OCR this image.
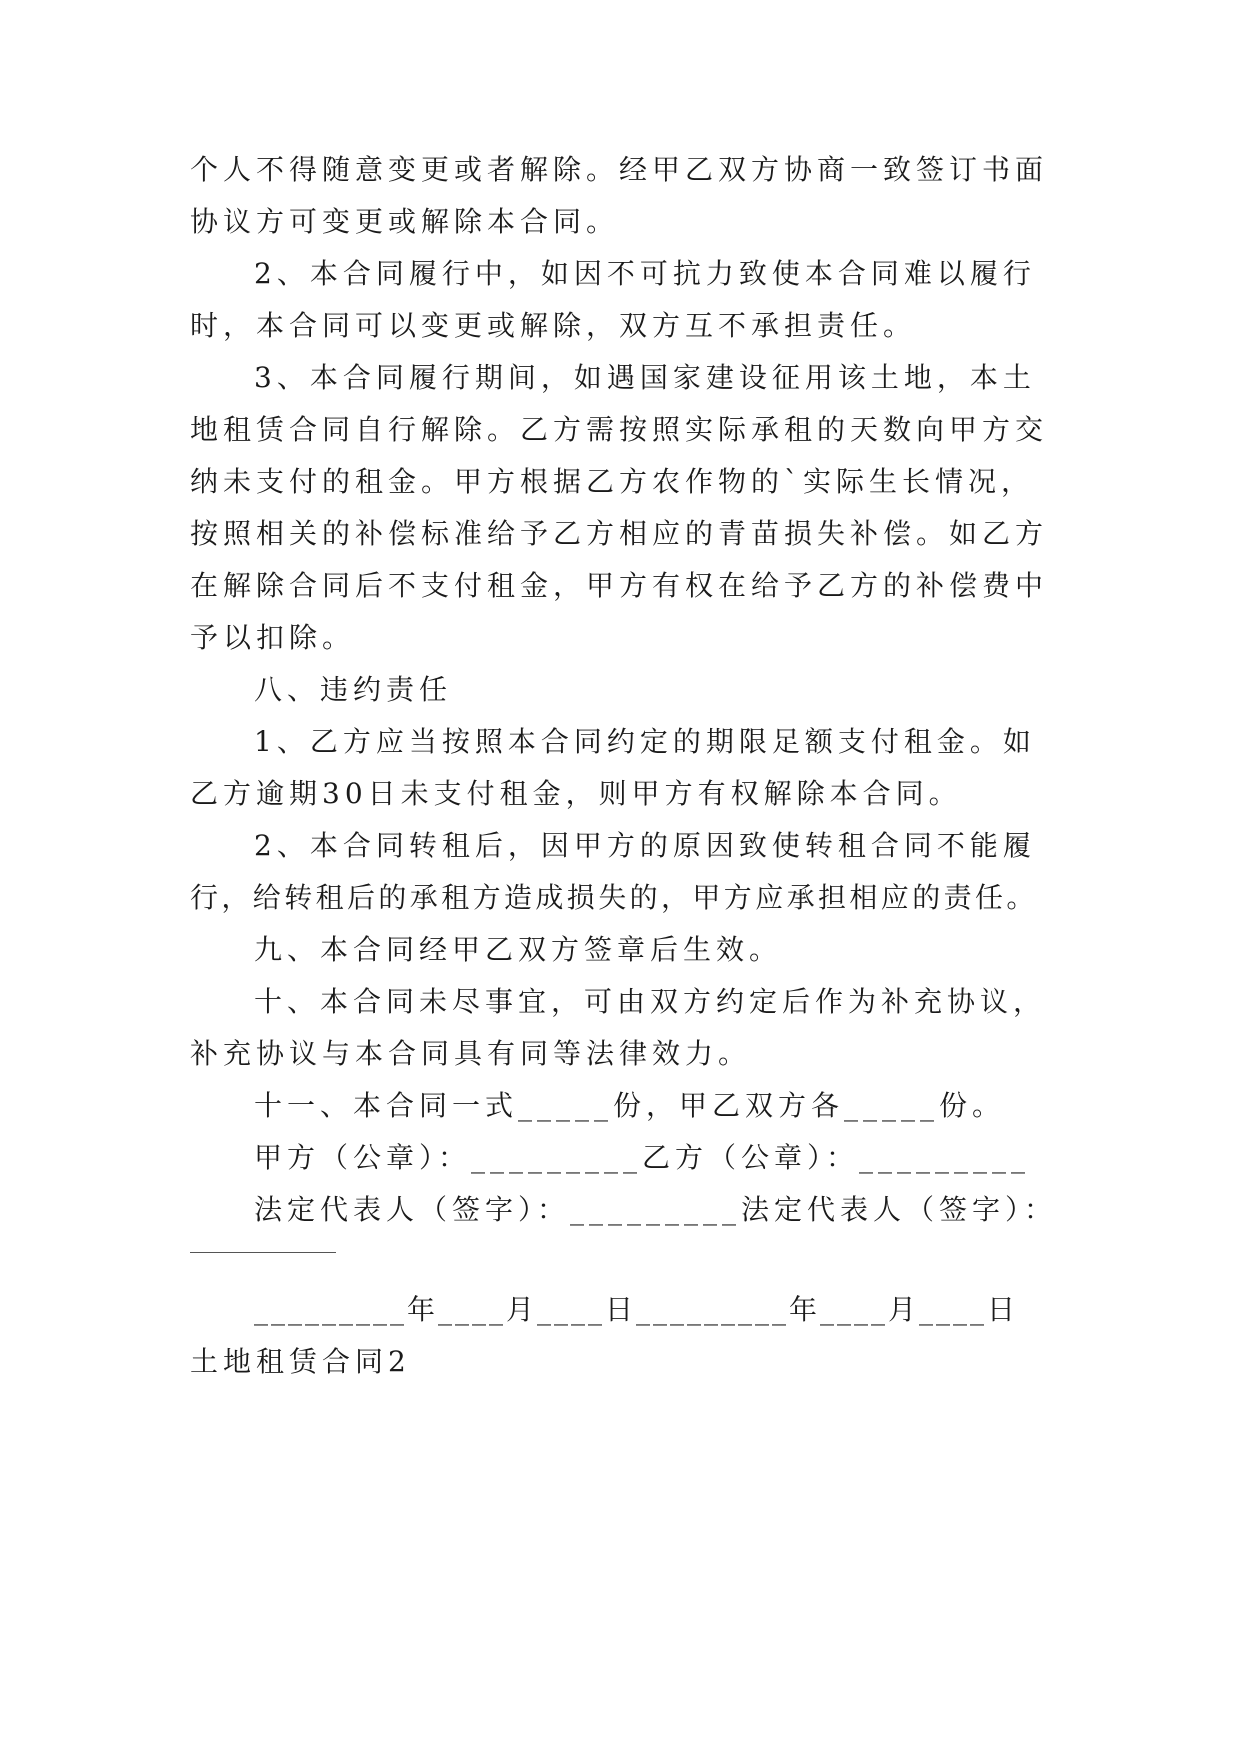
个人不得随意变更或者解除。经甲乙双方协商一致签订书面
协议方可变更或解除本合同。
2、本合同履行中，如因不可抗力致使本合同难以履行
时，本合同可以变更或解除，双方互不承担责任。
3、本合同履行期间，如遇国家建设征用该土地，本土
地租赁合同自行解除。乙方需按照实际承租的天数向甲方交
纳未支付的租金。甲方根据乙方农作物的`实际生长情况，
按照相关的补偿标准给予乙方相应的青苗损失补偿。如乙方
在解除合同后不支付租金，甲方有权在给予乙方的补偿费中
予以扣除。
八、违约责任
1、乙方应当按照本合同约定的期限足额支付租金。如
乙方逾期30日未支付租金，则甲方有权解除本合同。
2、本合同转租后，因甲方的原因致使转租合同不能履
行，给转租后的承租方造成损失的，甲方应承担相应的责任。
九、本合同经甲乙双方签章后生效。
十、本合同未尽事宜，可由双方约定后作为补充协议，
补充协议与本合同具有同等法律效力。
十一、本合同一式_____份，甲乙双方各_____份。
甲方（公章）：_________乙方（公章）：_________
法定代表人（签字）：_________法定代表人（签字）：
_________年____月____日_________年____月____日
土地租赁合同2
